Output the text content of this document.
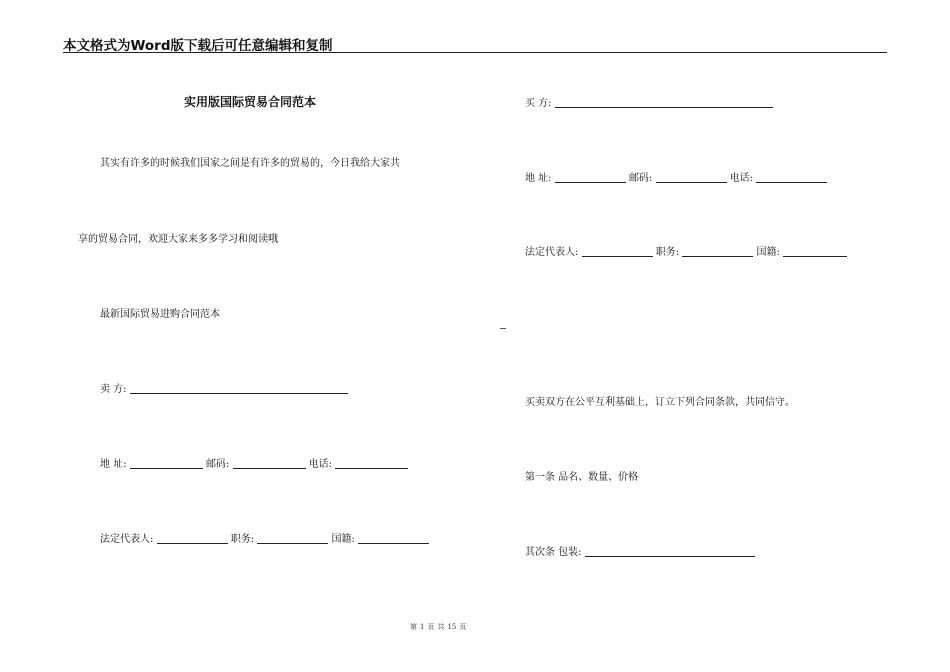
本文格式为Word版下载后可任意编辑和复制
实用版国际贸易合同范本
其实有许多的时候我们国家之间是有许多的贸易的，今日我给大家共
享的贸易合同，欢迎大家来多多学习和阅读哦
最新国际贸易进购合同范本
卖 方:
地 址:	邮码:	电话:
法定代表人:	职务:	国籍:
买 方:
地 址:	邮码:	电话:
法定代表人:	职务:	国籍:
买卖双方在公平互利基础上，订立下列合同条款，共同信守。
第一条 品名、数量、价格
其次条 包装:
第 1 页 共 15 页
